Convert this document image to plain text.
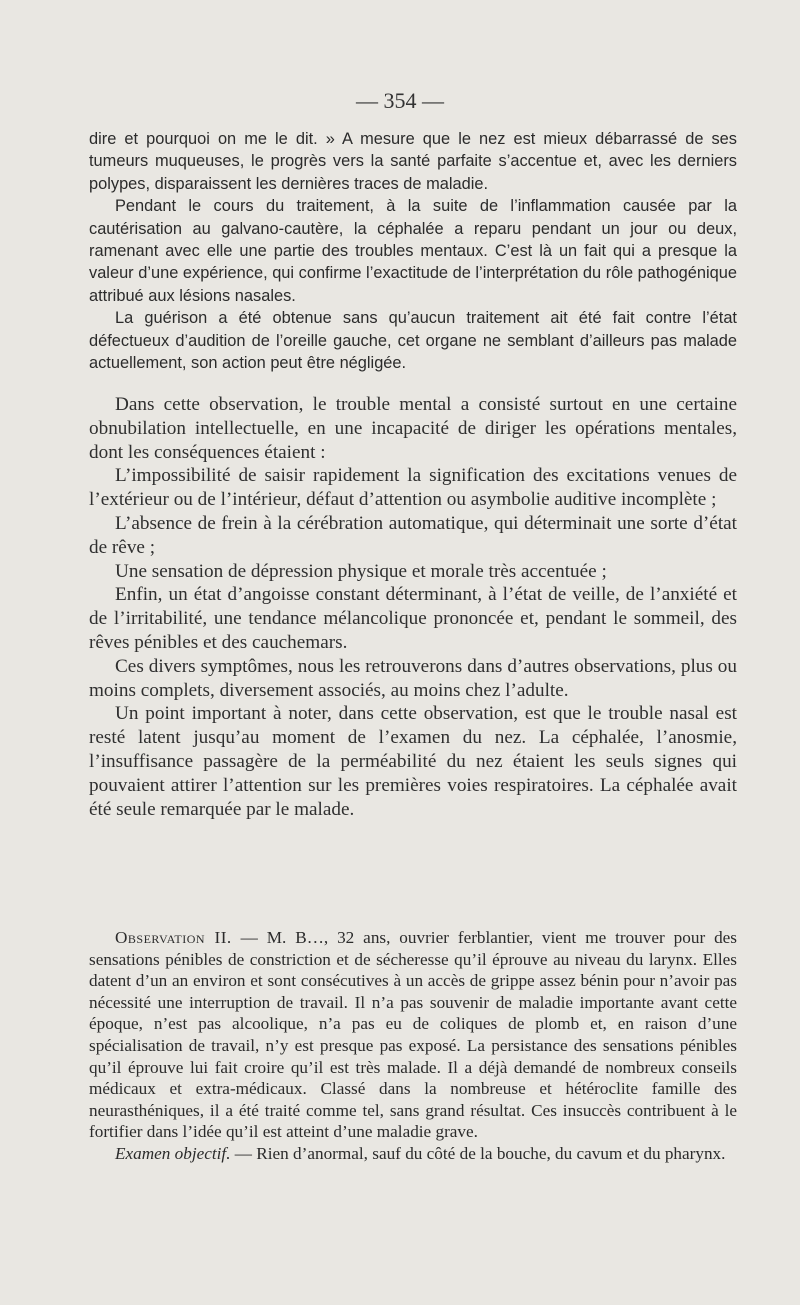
— 354 —

dire et pourquoi on me le dit. » A mesure que le nez est mieux débarrassé de ses tumeurs muqueuses, le progrès vers la santé parfaite s’accentue et, avec les derniers polypes, disparaissent les dernières traces de maladie.

Pendant le cours du traitement, à la suite de l’inflammation causée par la cautérisation au galvano-cautère, la céphalée a reparu pendant un jour ou deux, ramenant avec elle une partie des troubles mentaux. C’est là un fait qui a presque la valeur d’une expérience, qui confirme l’exactitude de l’interprétation du rôle pathogénique attribué aux lésions nasales.

La guérison a été obtenue sans qu’aucun traitement ait été fait contre l’état défectueux d’audition de l’oreille gauche, cet organe ne semblant d’ailleurs pas malade actuellement, son action peut être négligée.

Dans cette observation, le trouble mental a consisté surtout en une certaine obnubilation intellectuelle, en une incapacité de diriger les opérations mentales, dont les conséquences étaient :

L’impossibilité de saisir rapidement la signification des excitations venues de l’extérieur ou de l’intérieur, défaut d’attention ou asymbolie auditive incomplète ;

L’absence de frein à la cérébration automatique, qui déterminait une sorte d’état de rêve ;

Une sensation de dépression physique et morale très accentuée ;

Enfin, un état d’angoisse constant déterminant, à l’état de veille, de l’anxiété et de l’irritabilité, une tendance mélancolique prononcée et, pendant le sommeil, des rêves pénibles et des cauchemars.

Ces divers symptômes, nous les retrouverons dans d’autres observations, plus ou moins complets, diversement associés, au moins chez l’adulte.

Un point important à noter, dans cette observation, est que le trouble nasal est resté latent jusqu’au moment de l’examen du nez. La céphalée, l’anosmie, l’insuffisance passagère de la perméabilité du nez étaient les seuls signes qui pouvaient attirer l’attention sur les premières voies respiratoires. La céphalée avait été seule remarquée par le malade.

Observation II. — M. B…, 32 ans, ouvrier ferblantier, vient me trouver pour des sensations pénibles de constriction et de sécheresse qu’il éprouve au niveau du larynx. Elles datent d’un an environ et sont consécutives à un accès de grippe assez bénin pour n’avoir pas nécessité une interruption de travail. Il n’a pas souvenir de maladie importante avant cette époque, n’est pas alcoolique, n’a pas eu de coliques de plomb et, en raison d’une spécialisation de travail, n’y est presque pas exposé. La persistance des sensations pénibles qu’il éprouve lui fait croire qu’il est très malade. Il a déjà demandé de nombreux conseils médicaux et extra-médicaux. Classé dans la nombreuse et hétéroclite famille des neurasthéniques, il a été traité comme tel, sans grand résultat. Ces insuccès contribuent à le fortifier dans l’idée qu’il est atteint d’une maladie grave.

Examen objectif. — Rien d’anormal, sauf du côté de la bouche, du cavum et du pharynx.
